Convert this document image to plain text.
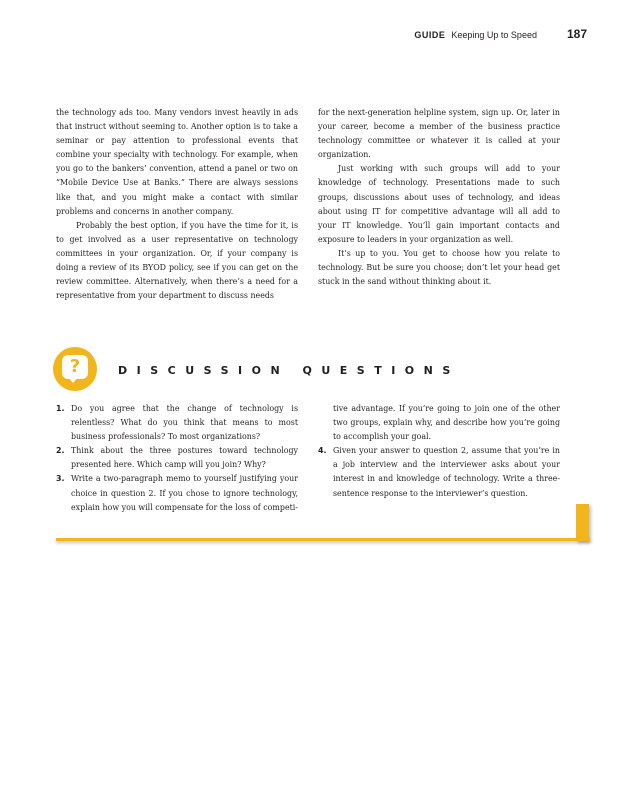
GUIDE Keeping Up to Speed	187

the technology ads too. Many vendors invest heavily in ads that instruct without seeming to. Another option is to take a seminar or pay attention to professional events that combine your specialty with technology. For example, when you go to the bankers’ convention, attend a panel or two on “Mobile Device Use at Banks.” There are always sessions like that, and you might make a contact with similar problems and concerns in another company.

Probably the best option, if you have the time for it, is to get involved as a user representative on technology committees in your organization. Or, if your company is doing a review of its BYOD policy, see if you can get on the review committee. Alternatively, when there’s a need for a representative from your department to discuss needs

for the next-generation helpline system, sign up. Or, later in your career, become a member of the business practice technology committee or whatever it is called at your organization.

Just working with such groups will add to your knowledge of technology. Presentations made to such groups, discussions about uses of technology, and ideas about using IT for competitive advantage will all add to your IT knowledge. You’ll gain important contacts and exposure to leaders in your organization as well.

It’s up to you. You get to choose how you relate to technology. But be sure you choose; don’t let your head get stuck in the sand without thinking about it.

?	DISCUSSION QUESTIONS
1. Do you agree that the change of technology is relentless? What do you think that means to most business professionals? To most organizations?
2. Think about the three postures toward technology presented here. Which camp will you join? Why?
3. Write a two-paragraph memo to yourself justifying your choice in question 2. If you chose to ignore technology, explain how you will compensate for the loss of competi-
tive advantage. If you’re going to join one of the other two groups, explain why, and describe how you’re going to accomplish your goal.
4. Given your answer to question 2, assume that you’re in a job interview and the interviewer asks about your interest in and knowledge of technology. Write a three-sentence response to the interviewer’s question.
